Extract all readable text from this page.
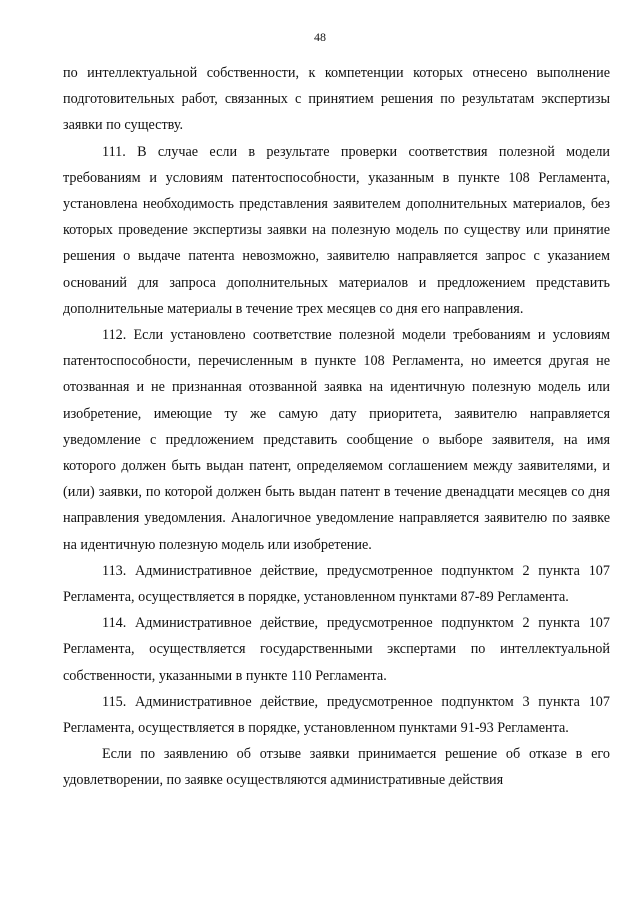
48

по интеллектуальной собственности, к компетенции которых отнесено выполнение подготовительных работ, связанных с принятием решения по результатам экспертизы заявки по существу.

111. В случае если в результате проверки соответствия полезной модели требованиям и условиям патентоспособности, указанным в пункте 108 Регламента, установлена необходимость представления заявителем дополнительных материалов, без которых проведение экспертизы заявки на полезную модель по существу или принятие решения о выдаче патента невозможно, заявителю направляется запрос с указанием оснований для запроса дополнительных материалов и предложением представить дополнительные материалы в течение трех месяцев со дня его направления.

112. Если установлено соответствие полезной модели требованиям и условиям патентоспособности, перечисленным в пункте 108 Регламента, но имеется другая не отозванная и не признанная отозванной заявка на идентичную полезную модель или изобретение, имеющие ту же самую дату приоритета, заявителю направляется уведомление с предложением представить сообщение о выборе заявителя, на имя которого должен быть выдан патент, определяемом соглашением между заявителями, и (или) заявки, по которой должен быть выдан патент в течение двенадцати месяцев со дня направления уведомления. Аналогичное уведомление направляется заявителю по заявке на идентичную полезную модель или изобретение.

113. Административное действие, предусмотренное подпунктом 2 пункта 107 Регламента, осуществляется в порядке, установленном пунктами 87-89 Регламента.

114. Административное действие, предусмотренное подпунктом 2 пункта 107 Регламента, осуществляется государственными экспертами по интеллектуальной собственности, указанными в пункте 110 Регламента.

115. Административное действие, предусмотренное подпунктом 3 пункта 107 Регламента, осуществляется в порядке, установленном пунктами 91-93 Регламента.

Если по заявлению об отзыве заявки принимается решение об отказе в его удовлетворении, по заявке осуществляются административные действия
